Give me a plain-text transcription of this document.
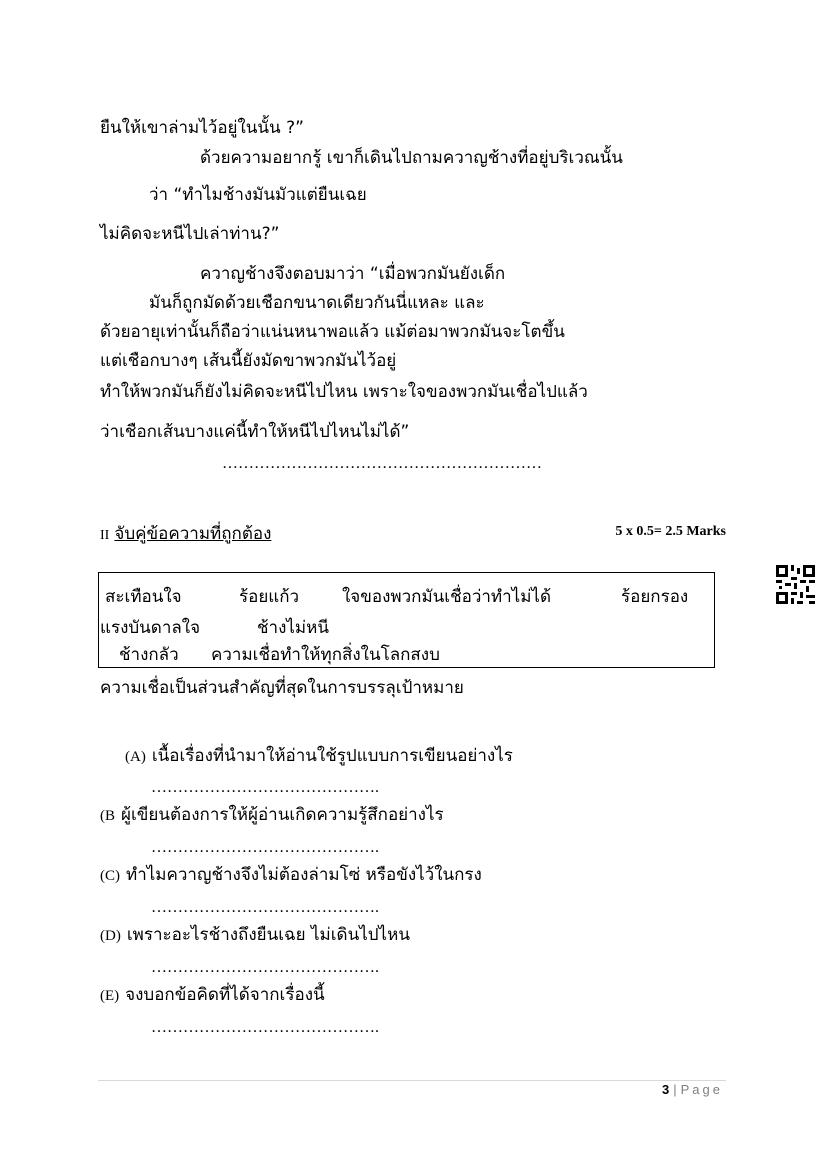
ยืนให้เขาล่ามไว้อยู่ในนั้น ?”
ด้วยความอยากรู้ เขาก็เดินไปถามควาญช้างที่อยู่บริเวณนั้น
ว่า “ทำไมช้างมันมัวแต่ยืนเฉย
ไม่คิดจะหนีไปเล่าท่าน?”
ควาญช้างจึงตอบมาว่า “เมื่อพวกมันยังเด็ก
มันก็ถูกมัดด้วยเชือกขนาดเดียวกันนี่แหละ และ
ด้วยอายุเท่านั้นก็ถือว่าแน่นหนาพอแล้ว แม้ต่อมาพวกมันจะโตขึ้น
แต่เชือกบางๆ เส้นนี้ยังมัดขาพวกมันไว้อยู่
ทำให้พวกมันก็ยังไม่คิดจะหนีไปไหน เพราะใจของพวกมันเชื่อไปแล้ว
ว่าเชือกเส้นบางแค่นี้ทำให้หนีไปไหนไม่ได้”
……………………………………………………
II จับคู่ข้อความที่ถูกต้อง	5 x 0.5= 2.5 Marks
สะเทือนใจ	ร้อยแก้ว	ใจของพวกมันเชื่อว่าทำไม่ได้	ร้อยกรอง
แรงบันดาลใจ	ช้างไม่หนี
ช้างกลัว ความเชื่อทำให้ทุกสิ่งในโลกสงบ
ความเชื่อเป็นส่วนสำคัญที่สุดในการบรรลุเป้าหมาย
(A) เนื้อเรื่องที่นำมาให้อ่านใช้รูปแบบการเขียนอย่างไร
…………………………………….
(B ผู้เขียนต้องการให้ผู้อ่านเกิดความรู้สึกอย่างไร
…………………………………….
(C) ทำไมควาญช้างจึงไม่ต้องล่ามโซ่ หรือขังไว้ในกรง
…………………………………….
(D) เพราะอะไรช้างถึงยืนเฉย ไม่เดินไปไหน
…………………………………….
(E) จงบอกข้อคิดที่ได้จากเรื่องนี้
…………………………………….
3 | Page
